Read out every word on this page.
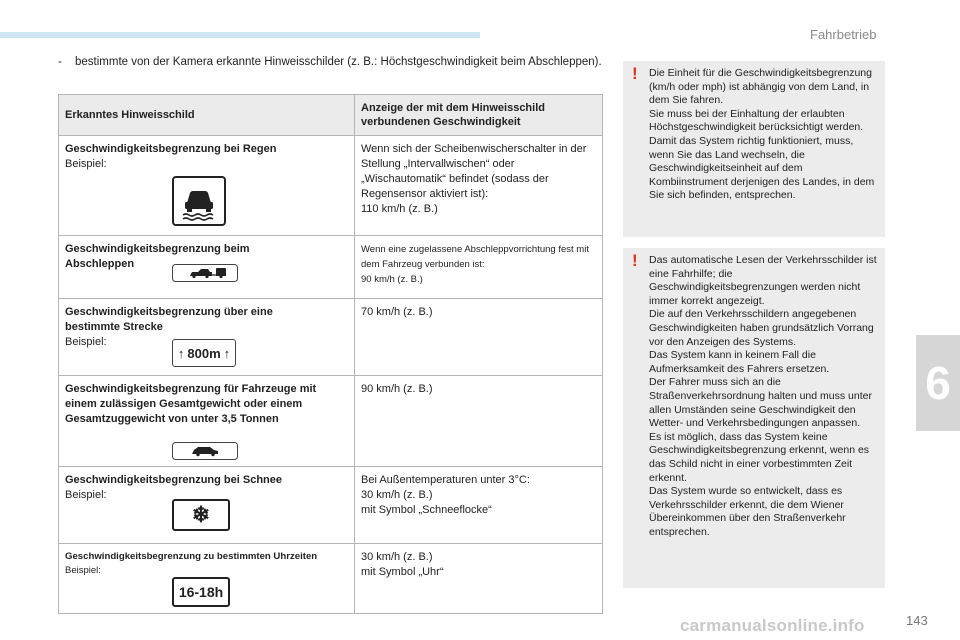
Fahrbetrieb
6
- bestimmte von der Kamera erkannte Hinweisschilder (z. B.: Höchstgeschwindigkeit beim Abschleppen).
Erkanntes Hinweisschild	Anzeige der mit dem Hinweisschild verbundenen Geschwindigkeit

Geschwindigkeitsbegrenzung bei Regen
Beispiel:	Wenn sich der Scheibenwischerschalter in der Stellung „Intervallwischen“ oder „Wischautomatik“ befindet (sodass der Regensensor aktiviert ist):
110 km/h (z. B.)

Geschwindigkeitsbegrenzung beim Abschleppen	Wenn eine zugelassene Abschleppvorrichtung fest mit dem Fahrzeug verbunden ist:
90 km/h (z. B.)

Geschwindigkeitsbegrenzung über eine bestimmte Strecke
Beispiel:
↑ 800m ↑	70 km/h (z. B.)

Geschwindigkeitsbegrenzung für Fahrzeuge mit einem zulässigen Gesamtgewicht oder einem Gesamtzuggewicht von unter 3,5 Tonnen	90 km/h (z. B.)

Geschwindigkeitsbegrenzung bei Schnee
Beispiel:
❄	Bei Außentemperaturen unter 3°C:
30 km/h (z. B.)
mit Symbol „Schneeflocke“

Geschwindigkeitsbegrenzung zu bestimmten Uhrzeiten
Beispiel:
16-18h	30 km/h (z. B.)
mit Symbol „Uhr“
! Die Einheit für die Geschwindigkeitsbegrenzung (km/h oder mph) ist abhängig von dem Land, in dem Sie fahren.
Sie muss bei der Einhaltung der erlaubten Höchstgeschwindigkeit berücksichtigt werden.
Damit das System richtig funktioniert, muss, wenn Sie das Land wechseln, die Geschwindigkeitseinheit auf dem Kombiinstrument derjenigen des Landes, in dem Sie sich befinden, entsprechen.

! Das automatische Lesen der Verkehrsschilder ist eine Fahrhilfe; die Geschwindigkeitsbegrenzungen werden nicht immer korrekt angezeigt.
Die auf den Verkehrsschildern angegebenen Geschwindigkeiten haben grundsätzlich Vorrang vor den Anzeigen des Systems.
Das System kann in keinem Fall die Aufmerksamkeit des Fahrers ersetzen.
Der Fahrer muss sich an die Straßenverkehrsordnung halten und muss unter allen Umständen seine Geschwindigkeit den Wetter- und Verkehrsbedingungen anpassen.
Es ist möglich, dass das System keine Geschwindigkeitsbegrenzung erkennt, wenn es das Schild nicht in einer vorbestimmten Zeit erkennt.
Das System wurde so entwickelt, dass es Verkehrsschilder erkennt, die dem Wiener Übereinkommen über den Straßenverkehr entsprechen.

carmanualsonline.info	143
